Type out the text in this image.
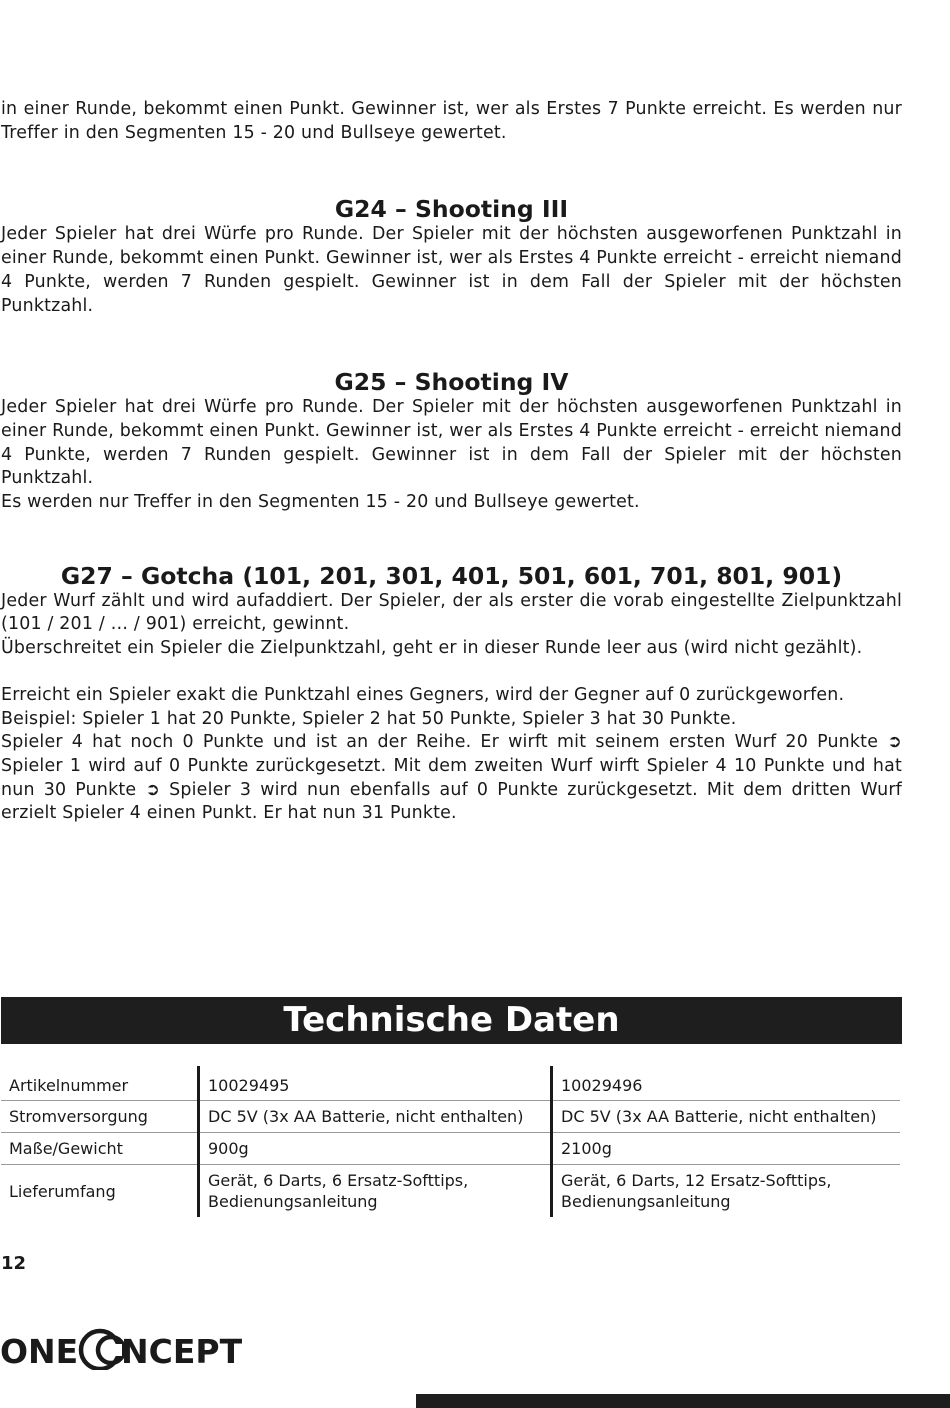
in einer Runde, bekommt einen Punkt. Gewinner ist, wer als Erstes 7 Punkte erreicht. Es werden nur Treffer in den Segmenten 15 - 20 und Bullseye gewertet.

G24 – Shooting III

Jeder Spieler hat drei Würfe pro Runde. Der Spieler mit der höchsten ausgeworfenen Punktzahl in einer Runde, bekommt einen Punkt. Gewinner ist, wer als Erstes 4 Punkte erreicht - erreicht niemand 4 Punkte, werden 7 Runden gespielt. Gewinner ist in dem Fall der Spieler mit der höchsten Punktzahl.

G25 – Shooting IV

Jeder Spieler hat drei Würfe pro Runde. Der Spieler mit der höchsten ausgeworfenen Punktzahl in einer Runde, bekommt einen Punkt. Gewinner ist, wer als Erstes 4 Punkte erreicht - erreicht niemand 4 Punkte, werden 7 Runden gespielt. Gewinner ist in dem Fall der Spieler mit der höchsten Punktzahl.

Es werden nur Treffer in den Segmenten 15 - 20 und Bullseye gewertet.

G27 – Gotcha (101, 201, 301, 401, 501, 601, 701, 801, 901)

Jeder Wurf zählt und wird aufaddiert. Der Spieler, der als erster die vorab eingestellte Zielpunktzahl (101 / 201 / … / 901) erreicht, gewinnt.

Überschreitet ein Spieler die Zielpunktzahl, geht er in dieser Runde leer aus (wird nicht gezählt).

Erreicht ein Spieler exakt die Punktzahl eines Gegners, wird der Gegner auf 0 zurückgeworfen.

Beispiel: Spieler 1 hat 20 Punkte, Spieler 2 hat 50 Punkte, Spieler 3 hat 30 Punkte.

Spieler 4 hat noch 0 Punkte und ist an der Reihe. Er wirft mit seinem ersten Wurf 20 Punkte ➲ Spieler 1 wird auf 0 Punkte zurückgesetzt. Mit dem zweiten Wurf wirft Spieler 4 10 Punkte und hat nun 30 Punkte ➲ Spieler 3 wird nun ebenfalls auf 0 Punkte zurückgesetzt. Mit dem dritten Wurf erzielt Spieler 4 einen Punkt. Er hat nun 31 Punkte.

Technische Daten
Artikelnummer	10029495	10029496
Stromversorgung	DC 5V (3x AA Batterie, nicht enthalten)	DC 5V (3x AA Batterie, nicht enthalten)
Maße/Gewicht	900g	2100g
Lieferumfang	Gerät, 6 Darts, 6 Ersatz-Softtips, Bedienungsanleitung	Gerät, 6 Darts, 12 Ersatz-Softtips, Bedienungsanleitung
12
ONE NCEPT
